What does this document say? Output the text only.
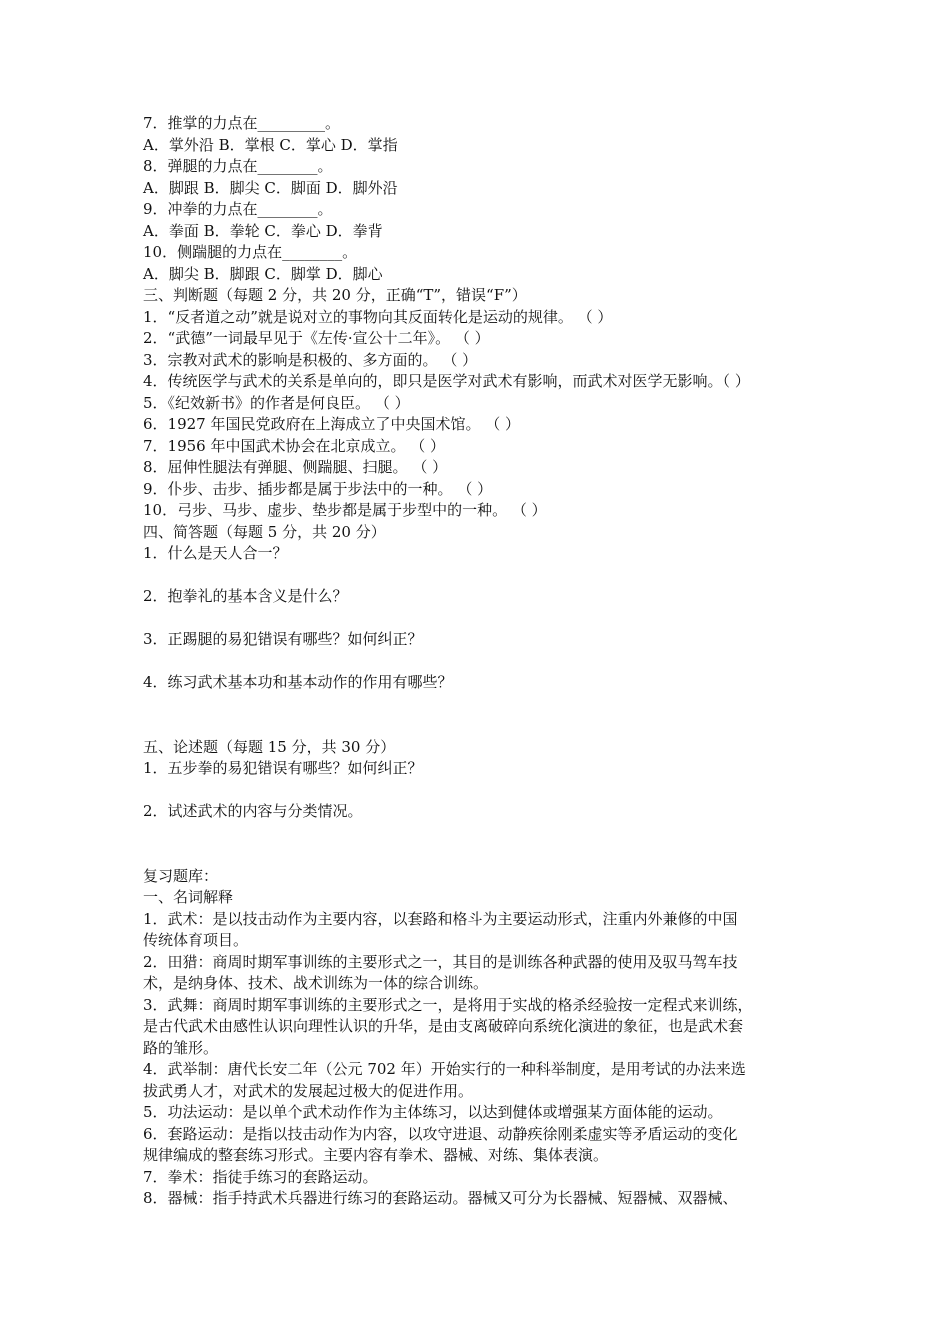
7．推掌的力点在_________。
A．掌外沿 B．掌根 C．掌心 D．掌指
8．弹腿的力点在________。
A．脚跟 B．脚尖 C．脚面 D．脚外沿
9．冲拳的力点在________。
A．拳面 B．拳轮 C．拳心 D．拳背
10．侧踹腿的力点在________。
A．脚尖 B．脚跟 C．脚掌 D．脚心
三、判断题（每题 2 分，共 20 分，正确“T”，错误“F”）
1．“反者道之动”就是说对立的事物向其反面转化是运动的规律。 （ ）
2．“武德”一词最早见于《左传·宣公十二年》。 （ ）
3．宗教对武术的影响是积极的、多方面的。 （ ）
4．传统医学与武术的关系是单向的，即只是医学对武术有影响，而武术对医学无影响。（ ）
5．《纪效新书》的作者是何良臣。 （ ）
6．1927 年国民党政府在上海成立了中央国术馆。 （ ）
7．1956 年中国武术协会在北京成立。 （ ）
8．屈伸性腿法有弹腿、侧踹腿、扫腿。 （ ）
9．仆步、击步、插步都是属于步法中的一种。 （ ）
10．弓步、马步、虚步、垫步都是属于步型中的一种。 （ ）
四、简答题（每题 5 分，共 20 分）
1．什么是天人合一？
2．抱拳礼的基本含义是什么？
3．正踢腿的易犯错误有哪些？如何纠正？
4．练习武术基本功和基本动作的作用有哪些？
五、论述题（每题 15 分，共 30 分）
1．五步拳的易犯错误有哪些？如何纠正？
2．试述武术的内容与分类情况。
复习题库：
一、名词解释
1．武术：是以技击动作为主要内容，以套路和格斗为主要运动形式，注重内外兼修的中国
传统体育项目。
2．田猎：商周时期军事训练的主要形式之一，其目的是训练各种武器的使用及驭马驾车技
术，是纳身体、技术、战术训练为一体的综合训练。
3．武舞：商周时期军事训练的主要形式之一，是将用于实战的格杀经验按一定程式来训练，
是古代武术由感性认识向理性认识的升华，是由支离破碎向系统化演进的象征，也是武术套
路的雏形。
4．武举制：唐代长安二年（公元 702 年）开始实行的一种科举制度，是用考试的办法来选
拔武勇人才，对武术的发展起过极大的促进作用。
5．功法运动：是以单个武术动作作为主体练习，以达到健体或增强某方面体能的运动。
6．套路运动：是指以技击动作为内容，以攻守进退、动静疾徐刚柔虚实等矛盾运动的变化
规律编成的整套练习形式。主要内容有拳术、器械、对练、集体表演。
7．拳术：指徒手练习的套路运动。
8．器械：指手持武术兵器进行练习的套路运动。器械又可分为长器械、短器械、双器械、
